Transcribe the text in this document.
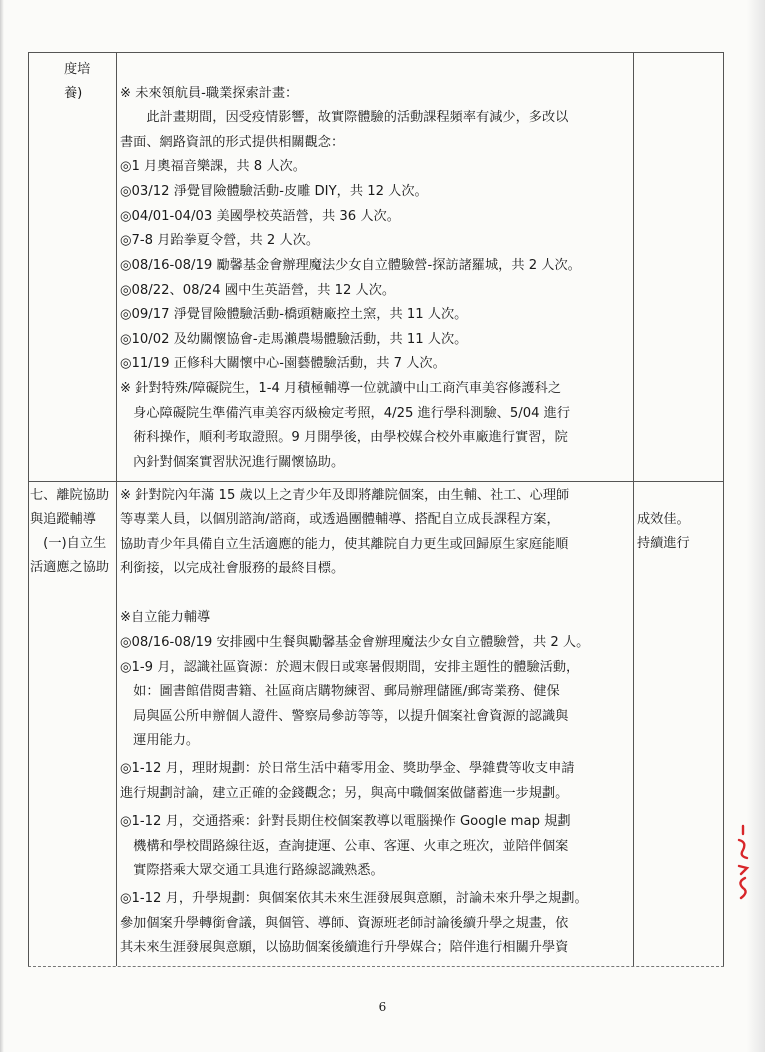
度培
養)
七、離院協助
與追蹤輔導
　(一)自立生
活適應之協助
成效佳。
持續進行
※ 未來領航員-職業探索計畫：
　　此計畫期間，因受疫情影響，故實際體驗的活動課程頻率有減少，多改以
書面、網路資訊的形式提供相關觀念：
◎1 月奧福音樂課，共 8 人次。
◎03/12 淨覺冒險體驗活動-皮雕 DIY，共 12 人次。
◎04/01-04/03 美國學校英語營，共 36 人次。
◎7-8 月跆拳夏令營，共 2 人次。
◎08/16-08/19 勵馨基金會辦理魔法少女自立體驗營-探訪諸羅城，共 2 人次。
◎08/22、08/24 國中生英語營，共 12 人次。
◎09/17 淨覺冒險體驗活動-橋頭糖廠控土窯，共 11 人次。
◎10/02 及幼關懷協會-走馬瀨農場體驗活動，共 11 人次。
◎11/19 正修科大關懷中心-園藝體驗活動，共 7 人次。
※ 針對特殊/障礙院生，1-4 月積極輔導一位就讀中山工商汽車美容修護科之
　身心障礙院生準備汽車美容丙級檢定考照，4/25 進行學科測驗、5/04 進行
　術科操作，順利考取證照。9 月開學後，由學校媒合校外車廠進行實習，院
　內針對個案實習狀況進行關懷協助。
※ 針對院內年滿 15 歲以上之青少年及即將離院個案，由生輔、社工、心理師
等專業人員，以個別諮詢/諮商，或透過團體輔導、搭配自立成長課程方案，
協助青少年具備自立生活適應的能力，使其離院自力更生或回歸原生家庭能順
利銜接，以完成社會服務的最終目標。
※自立能力輔導
◎08/16-08/19 安排國中生餐與勵馨基金會辦理魔法少女自立體驗營，共 2 人。
◎1-9 月，認識社區資源：於週末假日或寒暑假期間，安排主題性的體驗活動，
　如：圖書館借閱書籍、社區商店購物練習、郵局辦理儲匯/郵寄業務、健保
　局與區公所申辦個人證件、警察局參訪等等，以提升個案社會資源的認識與
　運用能力。
◎1-12 月，理財規劃：於日常生活中藉零用金、獎助學金、學雜費等收支申請
進行規劃討論，建立正確的金錢觀念；另，與高中職個案做儲蓄進一步規劃。
◎1-12 月，交通搭乘：針對長期住校個案教導以電腦操作 Google map 規劃
　機構和學校間路線往返，查詢捷運、公車、客運、火車之班次，並陪伴個案
　實際搭乘大眾交通工具進行路線認識熟悉。
◎1-12 月，升學規劃：與個案依其未來生涯發展與意願，討論未來升學之規劃。
參加個案升學轉銜會議，與個管、導師、資源班老師討論後續升學之規畫，依
其未來生涯發展與意願，以協助個案後續進行升學媒合；陪伴進行相關升學資
6
